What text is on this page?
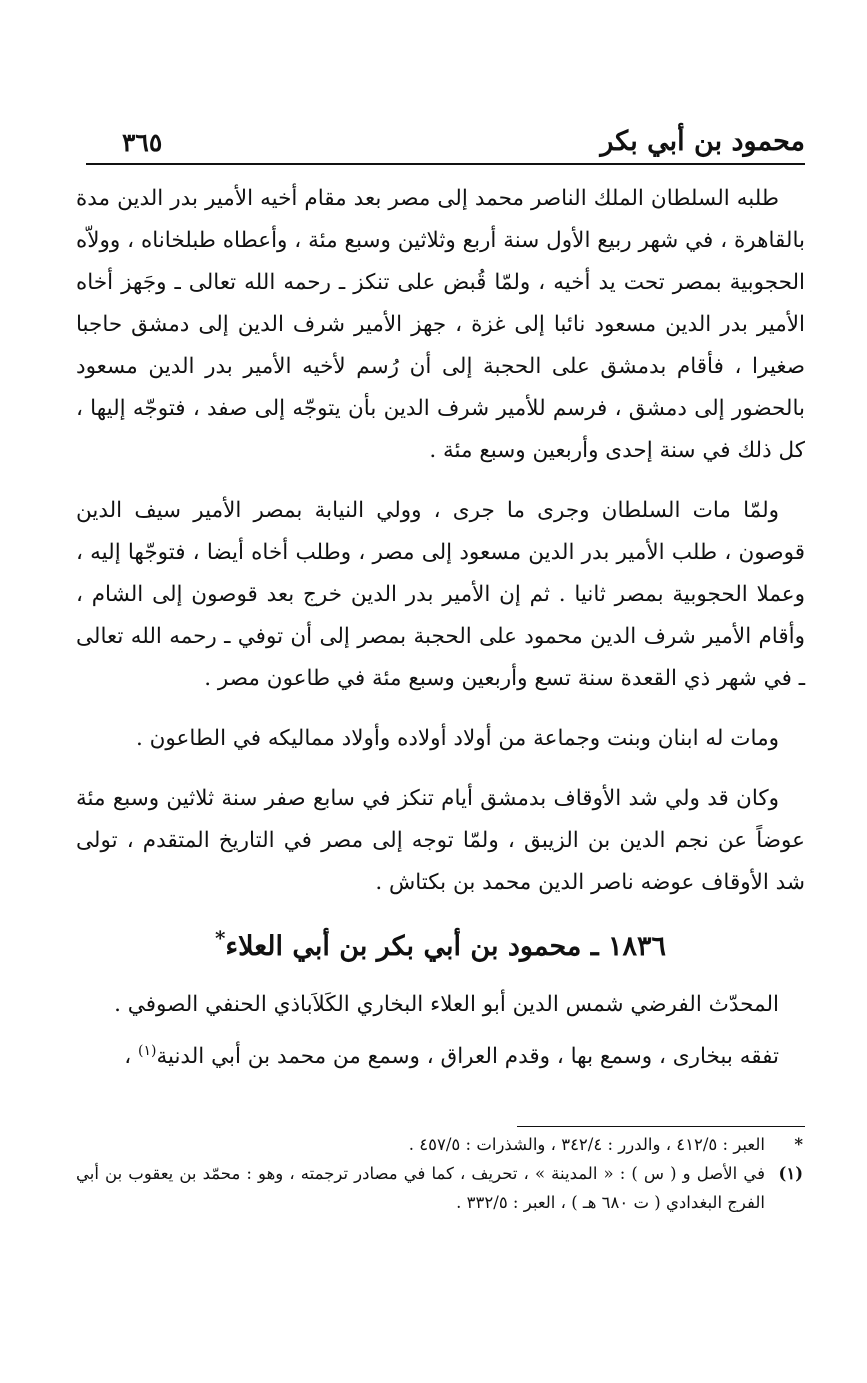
محمود بن أبي بكر
٣٦٥

طلبه السلطان الملك الناصر محمد إلى مصر بعد مقام أخيه الأمير بدر الدين مدة بالقاهرة ، في شهر ربيع الأول سنة أربع وثلاثين وسبع مئة ، وأعطاه طبلخاناه ، وولاّه الحجوبية بمصر تحت يد أخيه ، ولمّا قُبض على تنكز ـ رحمه الله تعالى ـ وجَهز أخاه الأمير بدر الدين مسعود نائبا إلى غزة ، جهز الأمير شرف الدين إلى دمشق حاجبا صغيرا ، فأقام بدمشق على الحجبة إلى أن رُسم لأخيه الأمير بدر الدين مسعود بالحضور إلى دمشق ، فرسم للأمير شرف الدين بأن يتوجّه إلى صفد ، فتوجّه إليها ، كل ذلك في سنة إحدى وأربعين وسبع مئة .

ولمّا مات السلطان وجرى ما جرى ، وولي النيابة بمصر الأمير سيف الدين قوصون ، طلب الأمير بدر الدين مسعود إلى مصر ، وطلب أخاه أيضا ، فتوجّها إليه ، وعملا الحجوبية بمصر ثانيا . ثم إن الأمير بدر الدين خرج بعد قوصون إلى الشام ، وأقام الأمير شرف الدين محمود على الحجبة بمصر إلى أن توفي ـ رحمه الله تعالى ـ في شهر ذي القعدة سنة تسع وأربعين وسبع مئة في طاعون مصر .

ومات له ابنان وبنت وجماعة من أولاد أولاده وأولاد مماليكه في الطاعون .

وكان قد ولي شد الأوقاف بدمشق أيام تنكز في سابع صفر سنة ثلاثين وسبع مئة عوضاً عن نجم الدين بن الزيبق ، ولمّا توجه إلى مصر في التاريخ المتقدم ، تولى شد الأوقاف عوضه ناصر الدين محمد بن بكتاش .

١٨٣٦ ـ محمود بن أبي بكر بن أبي العلاء*

المحدّث الفرضي شمس الدين أبو العلاء البخاري الكَلاَباذي الحنفي الصوفي .

تفقه ببخارى ، وسمع بها ، وقدم العراق ، وسمع من محمد بن أبي الدنية$^{(١)}$ ،

*
العبر : ٤١٢/٥ ، والدرر : ٣٤٢/٤ ، والشذرات : ٤٥٧/٥ .

(١)
في الأصل و ( س ) : « المدينة » ، تحريف ، كما في مصادر ترجمته ، وهو : محمّد بن يعقوب بن أبي الفرج البغدادي ( ت ٦٨٠ هـ ) ، العبر : ٣٣٢/٥ .
